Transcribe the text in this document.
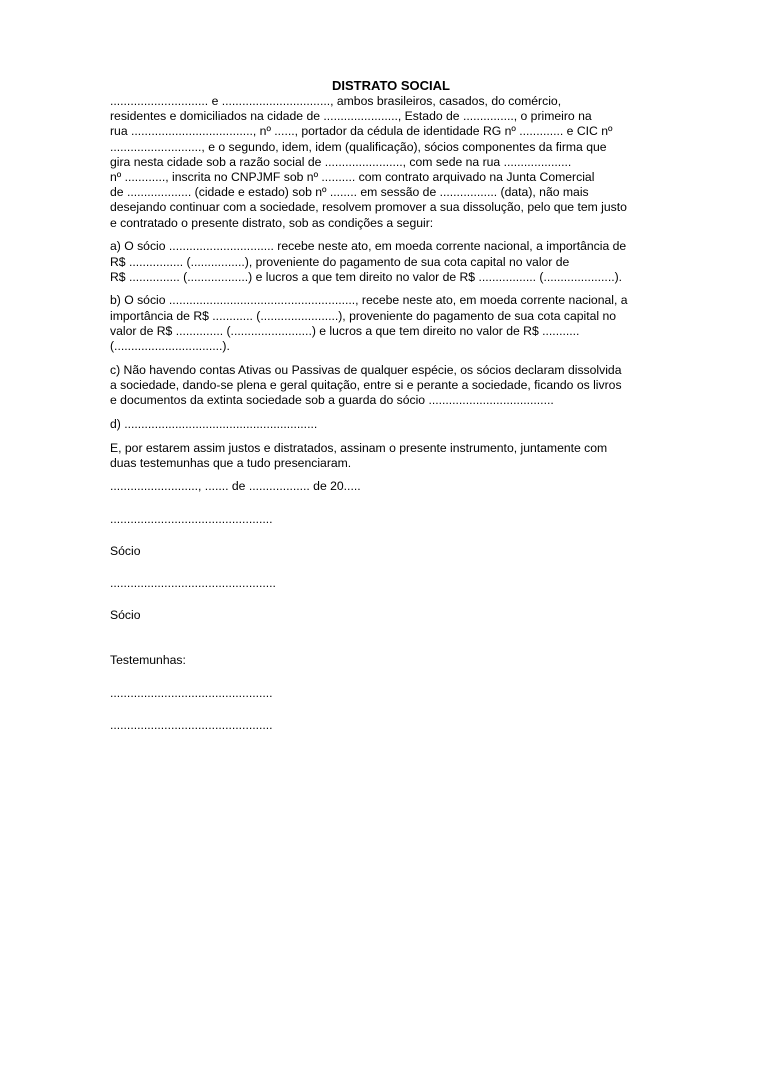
DISTRATO SOCIAL
............................. e ................................, ambos brasileiros, casados, do comércio,
residentes e domiciliados na cidade de ......................, Estado de ..............., o primeiro na
rua ...................................., nº ......, portador da cédula de identidade RG nº ............. e CIC nº
..........................., e o segundo, idem, idem (qualificação), sócios componentes da firma que
gira nesta cidade sob a razão social de ......................., com sede na rua ....................
nº ............, inscrita no CNPJMF sob nº .......... com contrato arquivado na Junta Comercial
de ................... (cidade e estado) sob nº ........ em sessão de ................. (data), não mais
desejando continuar com a sociedade, resolvem promover a sua dissolução, pelo que tem justo
e contratado o presente distrato, sob as condições a seguir:
a) O sócio ............................... recebe neste ato, em moeda corrente nacional, a importância de
R$ ................ (................), proveniente do pagamento de sua cota capital no valor de
R$ ............... (..................) e lucros a que tem direito no valor de R$ ................. (.....................).
b) O sócio ......................................................., recebe neste ato, em moeda corrente nacional, a
importância de R$ ............ (.......................), proveniente do pagamento de sua cota capital no
valor de R$ .............. (........................) e lucros a que tem direito no valor de R$ ...........
(................................).
c) Não havendo contas Ativas ou Passivas de qualquer espécie, os sócios declaram dissolvida
a sociedade, dando-se plena e geral quitação, entre si e perante a sociedade, ficando os livros
e documentos da extinta sociedade sob a guarda do sócio .....................................
d) .........................................................
E, por estarem assim justos e distratados, assinam o presente instrumento, juntamente com
duas testemunhas que a tudo presenciaram.
.........................., ....... de .................. de 20.....
................................................
Sócio
.................................................
Sócio
Testemunhas:
................................................
................................................
